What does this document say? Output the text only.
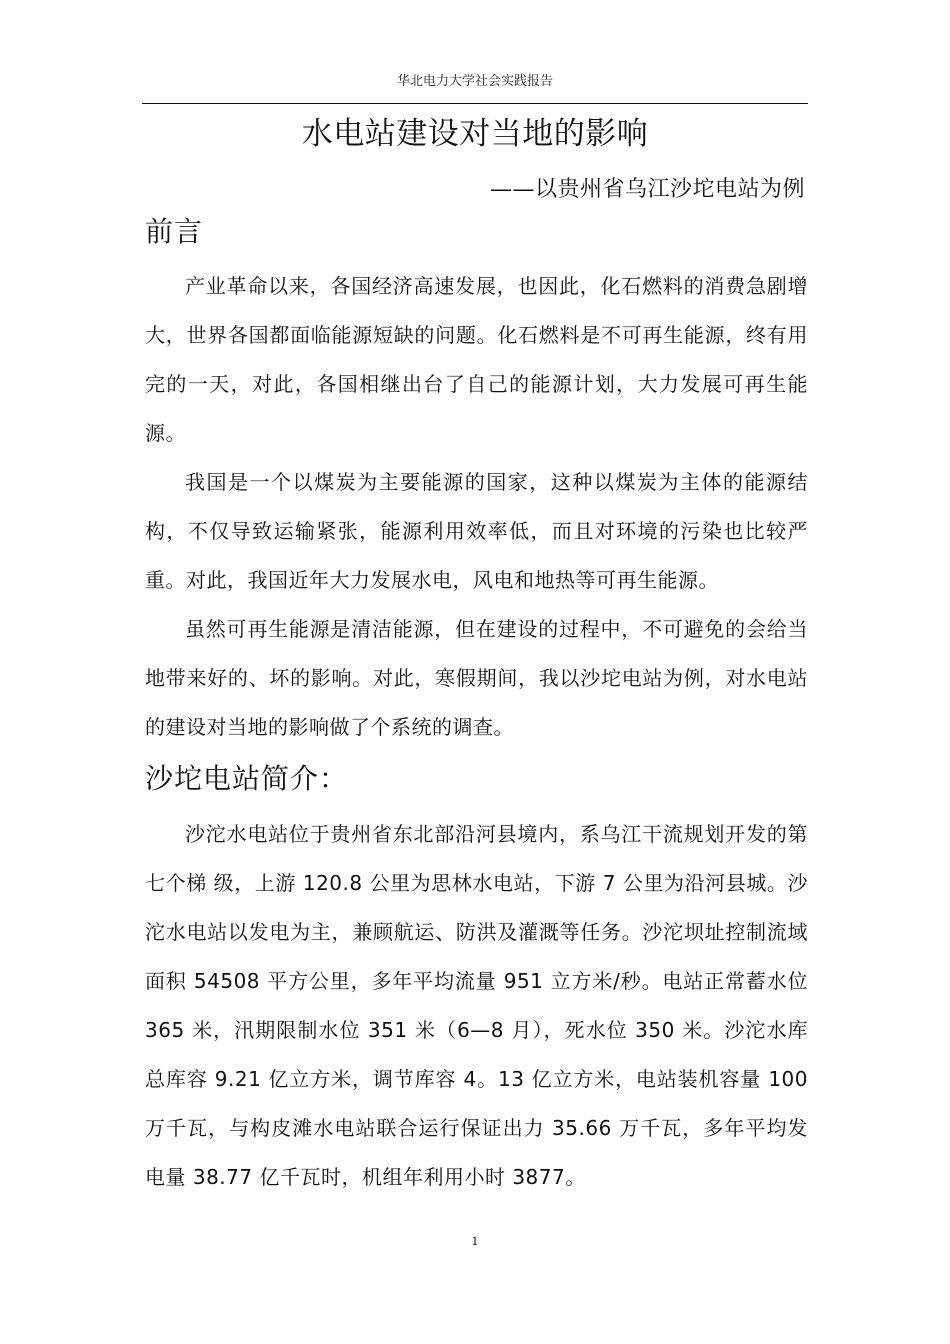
华北电力大学社会实践报告
水电站建设对当地的影响
——以贵州省乌江沙坨电站为例
前言

产业革命以来，各国经济高速发展，也因此，化石燃料的消费急剧增大，世界各国都面临能源短缺的问题。化石燃料是不可再生能源，终有用完的一天，对此，各国相继出台了自己的能源计划，大力发展可再生能源。

我国是一个以煤炭为主要能源的国家，这种以煤炭为主体的能源结构，不仅导致运输紧张，能源利用效率低，而且对环境的污染也比较严重。对此，我国近年大力发展水电，风电和地热等可再生能源。

虽然可再生能源是清洁能源，但在建设的过程中，不可避免的会给当地带来好的、坏的影响。对此，寒假期间，我以沙坨电站为例，对水电站的建设对当地的影响做了个系统的调查。

沙坨电站简介：

沙沱水电站位于贵州省东北部沿河县境内，系乌江干流规划开发的第七个梯 级，上游 120.8 公里为思林水电站，下游 7 公里为沿河县城。沙沱水电站以发电为主，兼顾航运、防洪及灌溉等任务。沙沱坝址控制流域面积 54508 平方公里，多年平均流量 951 立方米/秒。电站正常蓄水位 365 米，汛期限制水位 351 米（6—8 月），死水位 350 米。沙沱水库总库容 9.21 亿立方米，调节库容 4。13 亿立方米，电站装机容量 100 万千瓦，与构皮滩水电站联合运行保证出力 35.66 万千瓦，多年平均发电量 38.77 亿千瓦时，机组年利用小时 3877。

1
